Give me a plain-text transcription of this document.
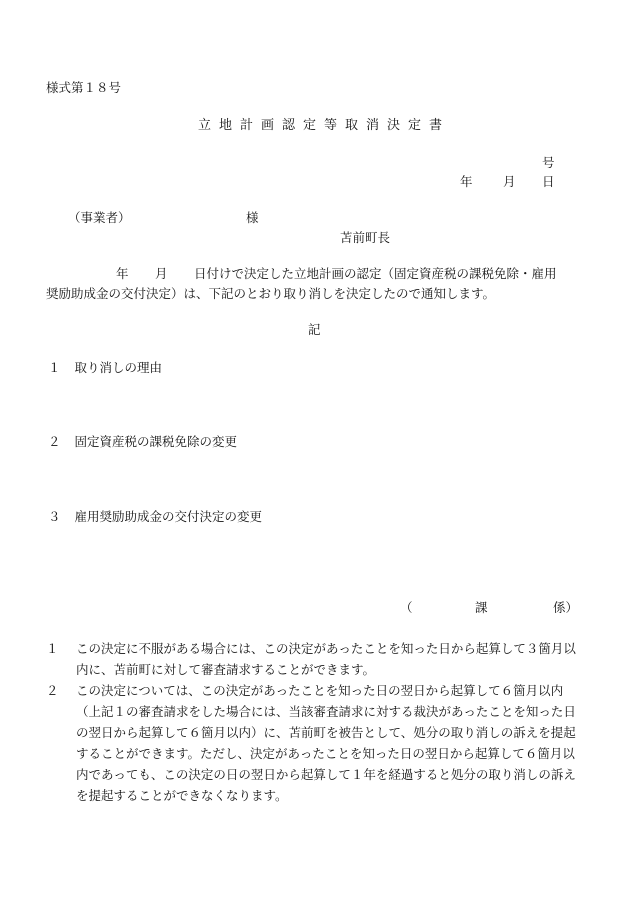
様式第１８号
立地計画認定等取消決定書
号
年 月 日
（事業者）	様
苫前町長
年 月 日付けで決定した立地計画の認定（固定資産税の課税免除・雇用
奨励助成金の交付決定）は、下記のとおり取り消しを決定したので通知します。
記
１ 取り消しの理由
２ 固定資産税の課税免除の変更
３ 雇用奨励助成金の交付決定の変更
（	課	係）
１ この決定に不服がある場合には、この決定があったことを知った日から起算して３箇月以内に、苫前町に対して審査請求することができます。
２ この決定については、この決定があったことを知った日の翌日から起算して６箇月以内（上記１の審査請求をした場合には、当該審査請求に対する裁決があったことを知った日の翌日から起算して６箇月以内）に、苫前町を被告として、処分の取り消しの訴えを提起することができます。ただし、決定があったことを知った日の翌日から起算して６箇月以内であっても、この決定の日の翌日から起算して１年を経過すると処分の取り消しの訴えを提起することができなくなります。
